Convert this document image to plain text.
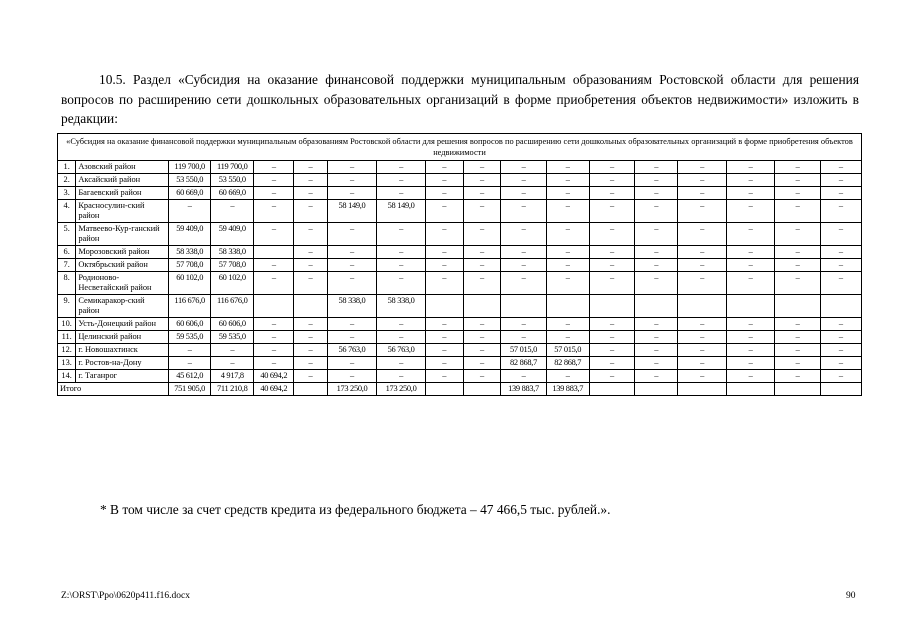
10.5. Раздел «Субсидия на оказание финансовой поддержки муниципальным образованиям Ростовской области для решения вопросов по расширению сети дошкольных образовательных организаций в форме приобретения объектов недвижимости» изложить в редакции:

«Субсидия на оказание финансовой поддержки муниципальным образованиям Ростовской области для решения вопросов по расширению сети дошкольных образовательных организаций в форме приобретения объектов недвижимости																	
1.	Азовский район	119 700,0	119 700,0	–	–	–	–	–	–	–	–	–	–	–	–	–	–
2.	Аксайский район	53 550,0	53 550,0	–	–	–	–	–	–	–	–	–	–	–	–	–	–
3.	Багаевский район	60 669,0	60 669,0	–	–	–	–	–	–	–	–	–	–	–	–	–	–
4.	Красносулин-ский район	–	–	–	–	58 149,0	58 149,0	–	–	–	–	–	–	–	–	–	–
5.	Матвеево-Кур-ганский район	59 409,0	59 409,0	–	–	–	–	–	–	–	–	–	–	–	–	–	–
6.	Морозовский район	58 338,0	58 338,0		–	–	–	–	–	–	–	–	–	–	–	–	–
7.	Октябрьский район	57 708,0	57 708,0	–	–	–	–	–	–	–	–	–	–	–	–	–	–
8.	Родионово-Несветайский район	60 102,0	60 102,0	–	–	–	–	–	–	–	–	–	–	–	–	–	–
9.	Семикаракор-ский район	116 676,0	116 676,0			58 338,0	58 338,0										
10.	Усть-Донецкий район	60 606,0	60 606,0	–	–	–	–	–	–	–	–	–	–	–	–	–	–
11.	Целинский район	59 535,0	59 535,0	–	–	–	–	–	–	–	–	–	–	–	–	–	–
12.	г. Новошахтинск	–	–	–	–	56 763,0	56 763,0	–	–	57 015,0	57 015,0	–	–	–	–	–	–
13.	г. Ростов-на-Дону	–	–	–	–	–	–	–	–	82 868,7	82 868,7	–	–	–	–	–	–
14.	г. Таганрог	45 612,0	4 917,8	40 694,2	–	–	–	–	–	–	–	–	–	–	–	–	–
Итого		751 905,0	711 210,8	40 694,2		173 250,0	173 250,0			139 883,7	139 883,7						

* В том числе за счет средств кредита из федерального бюджета – 47 466,5 тыс. рублей.».

Z:\ORST\Ppo\0620p411.f16.docx	90
